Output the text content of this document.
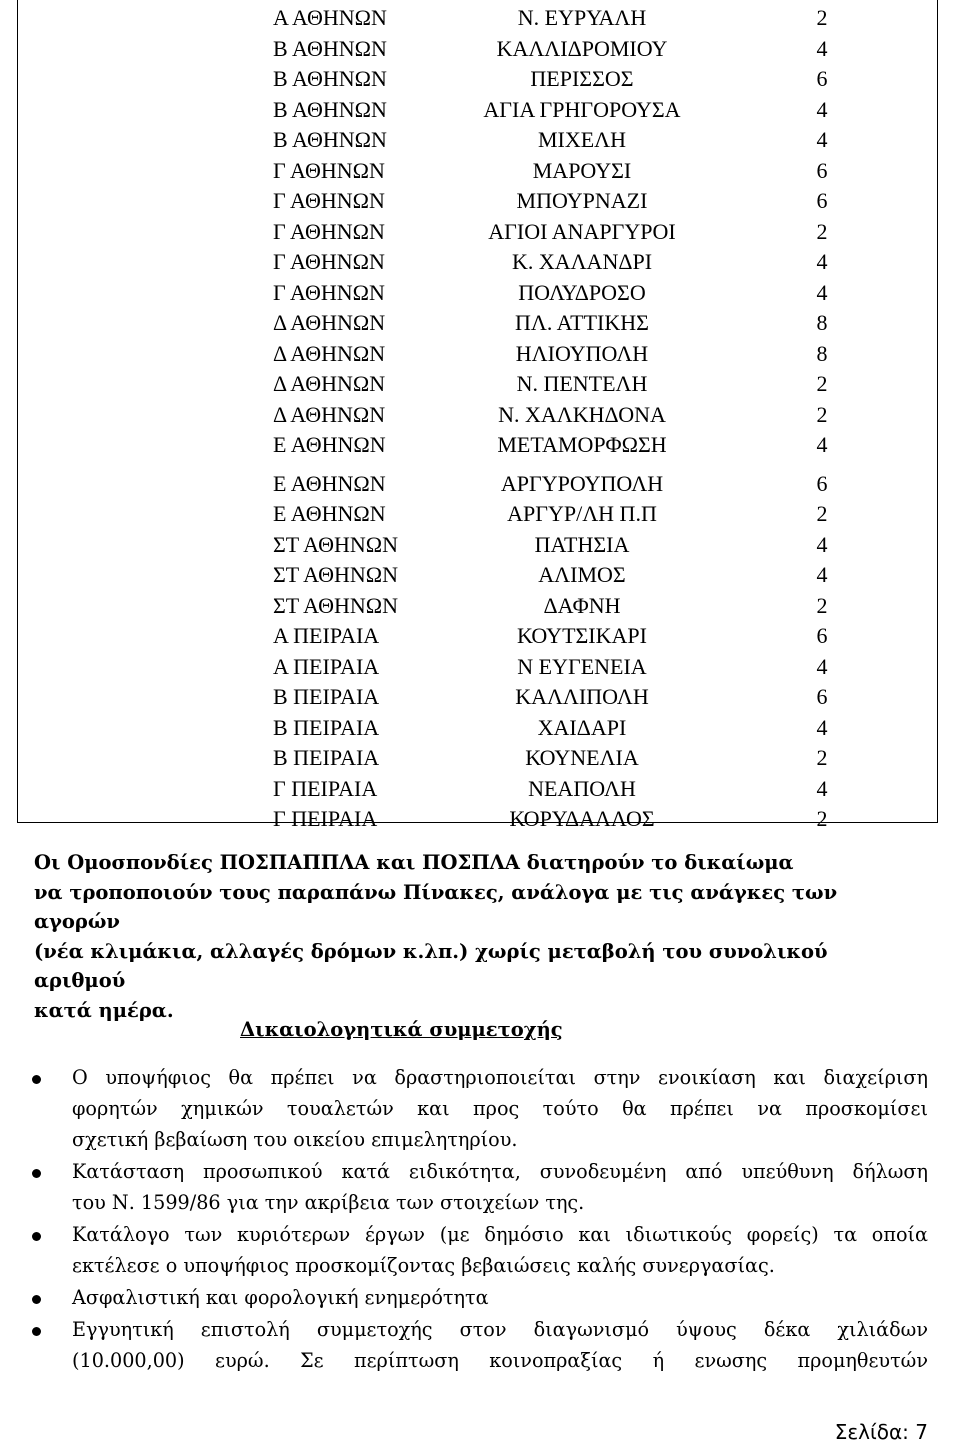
Α ΑΘΗΝΩΝ	Ν. ΕΥΡΥΑΛΗ	2
Β ΑΘΗΝΩΝ	ΚΑΛΛΙΔΡΟΜΙΟΥ	4
Β ΑΘΗΝΩΝ	ΠΕΡΙΣΣΟΣ	6
Β ΑΘΗΝΩΝ	ΑΓΙΑ ΓΡΗΓΟΡΟΥΣΑ	4
Β ΑΘΗΝΩΝ	ΜΙΧΕΛΗ	4
Γ ΑΘΗΝΩΝ	ΜΑΡΟΥΣΙ	6
Γ ΑΘΗΝΩΝ	ΜΠΟΥΡΝΑΖΙ	6
Γ ΑΘΗΝΩΝ	ΑΓΙΟΙ ΑΝΑΡΓΥΡΟΙ	2
Γ ΑΘΗΝΩΝ	Κ. ΧΑΛΑΝΔΡΙ	4
Γ ΑΘΗΝΩΝ	ΠΟΛΥΔΡΟΣΟ	4
Δ ΑΘΗΝΩΝ	ΠΛ. ΑΤΤΙΚΗΣ	8
Δ ΑΘΗΝΩΝ	ΗΛΙΟΥΠΟΛΗ	8
Δ ΑΘΗΝΩΝ	Ν. ΠΕΝΤΕΛΗ	2
Δ ΑΘΗΝΩΝ	Ν. ΧΑΛΚΗΔΟΝΑ	2
Ε ΑΘΗΝΩΝ	ΜΕΤΑΜΟΡΦΩΣΗ	4
Ε ΑΘΗΝΩΝ	ΑΡΓΥΡΟΥΠΟΛΗ	6
Ε ΑΘΗΝΩΝ	ΑΡΓΥΡ/ΛΗ Π.Π	2
ΣΤ ΑΘΗΝΩΝ	ΠΑΤΗΣΙΑ	4
ΣΤ ΑΘΗΝΩΝ	ΑΛΙΜΟΣ	4
ΣΤ ΑΘΗΝΩΝ	ΔΑΦΝΗ	2
Α ΠΕΙΡΑΙΑ	ΚΟΥΤΣΙΚΑΡΙ	6
Α ΠΕΙΡΑΙΑ	Ν ΕΥΓΕΝΕΙΑ	4
Β ΠΕΙΡΑΙΑ	ΚΑΛΛΙΠΟΛΗ	6
Β ΠΕΙΡΑΙΑ	ΧΑΙΔΑΡΙ	4
Β ΠΕΙΡΑΙΑ	ΚΟΥΝΕΛΙΑ	2
Γ ΠΕΙΡΑΙΑ	ΝΕΑΠΟΛΗ	4
Γ ΠΕΙΡΑΙΑ	ΚΟΡΥΔΑΛΛΟΣ	2
Οι Ομοσπονδίες ΠΟΣΠΑΠΠΛΑ και ΠΟΣΠΛΑ διατηρούν το δικαίωμα
να τροποποιούν τους παραπάνω Πίνακες, ανάλογα με τις ανάγκες των αγορών
(νέα κλιμάκια, αλλαγές δρόμων κ.λπ.) χωρίς μεταβολή του συνολικού αριθμού
κατά ημέρα.
Δικαιολογητικά συμμετοχής
Ο υποψήφιος θα πρέπει να δραστηριοποιείται στην ενοικίαση και διαχείριση
φορητών χημικών τουαλετών και προς τούτο θα πρέπει να προσκομίσει
σχετική βεβαίωση του οικείου επιμελητηρίου.
Κατάσταση προσωπικού κατά ειδικότητα, συνοδευμένη από υπεύθυνη δήλωση
του Ν. 1599/86 για την ακρίβεια των στοιχείων της.
Κατάλογο των κυριότερων έργων (με δημόσιο και ιδιωτικούς φορείς) τα οποία
εκτέλεσε ο υποψήφιος προσκομίζοντας βεβαιώσεις καλής συνεργασίας.
Ασφαλιστική και φορολογική ενημερότητα
Εγγυητική επιστολή συμμετοχής στον διαγωνισμό ύψους δέκα χιλιάδων
(10.000,00) ευρώ. Σε περίπτωση κοινοπραξίας ή ενωσης προμηθευτών
Σελίδα: 7
